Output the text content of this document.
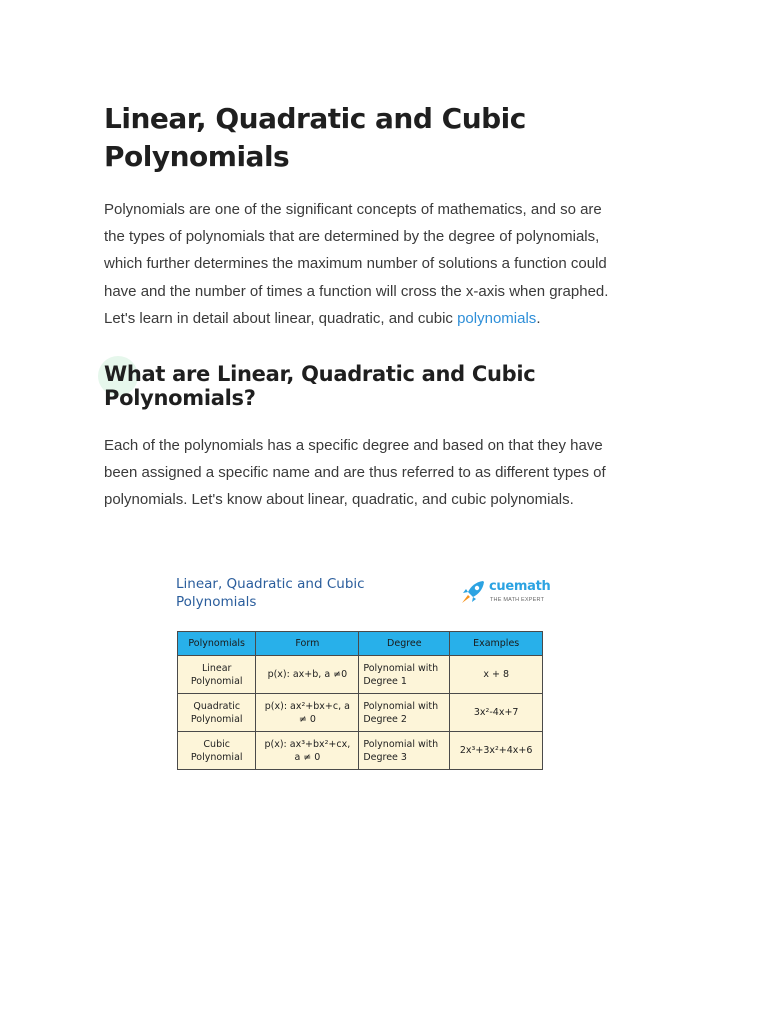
Linear, Quadratic and Cubic Polynomials

Polynomials are one of the significant concepts of mathematics, and so are the types of polynomials that are determined by the degree of polynomials, which further determines the maximum number of solutions a function could have and the number of times a function will cross the x-axis when graphed. Let's learn in detail about linear, quadratic, and cubic polynomials.

What are Linear, Quadratic and Cubic Polynomials?

Each of the polynomials has a specific degree and based on that they have been assigned a specific name and are thus referred to as different types of polynomials. Let's know about linear, quadratic, and cubic polynomials.

Linear, Quadratic and Cubic Polynomials
cuemath
THE MATH EXPERT
Polynomials	Form	Degree	Examples
Linear Polynomial	p(x): ax+b, a ≠0	Polynomial with Degree 1	x + 8
Quadratic Polynomial	p(x): ax²+bx+c, a ≠ 0	Polynomial with Degree 2	3x²-4x+7
Cubic Polynomial	p(x): ax³+bx²+cx, a ≠ 0	Polynomial with Degree 3	2x³+3x²+4x+6
